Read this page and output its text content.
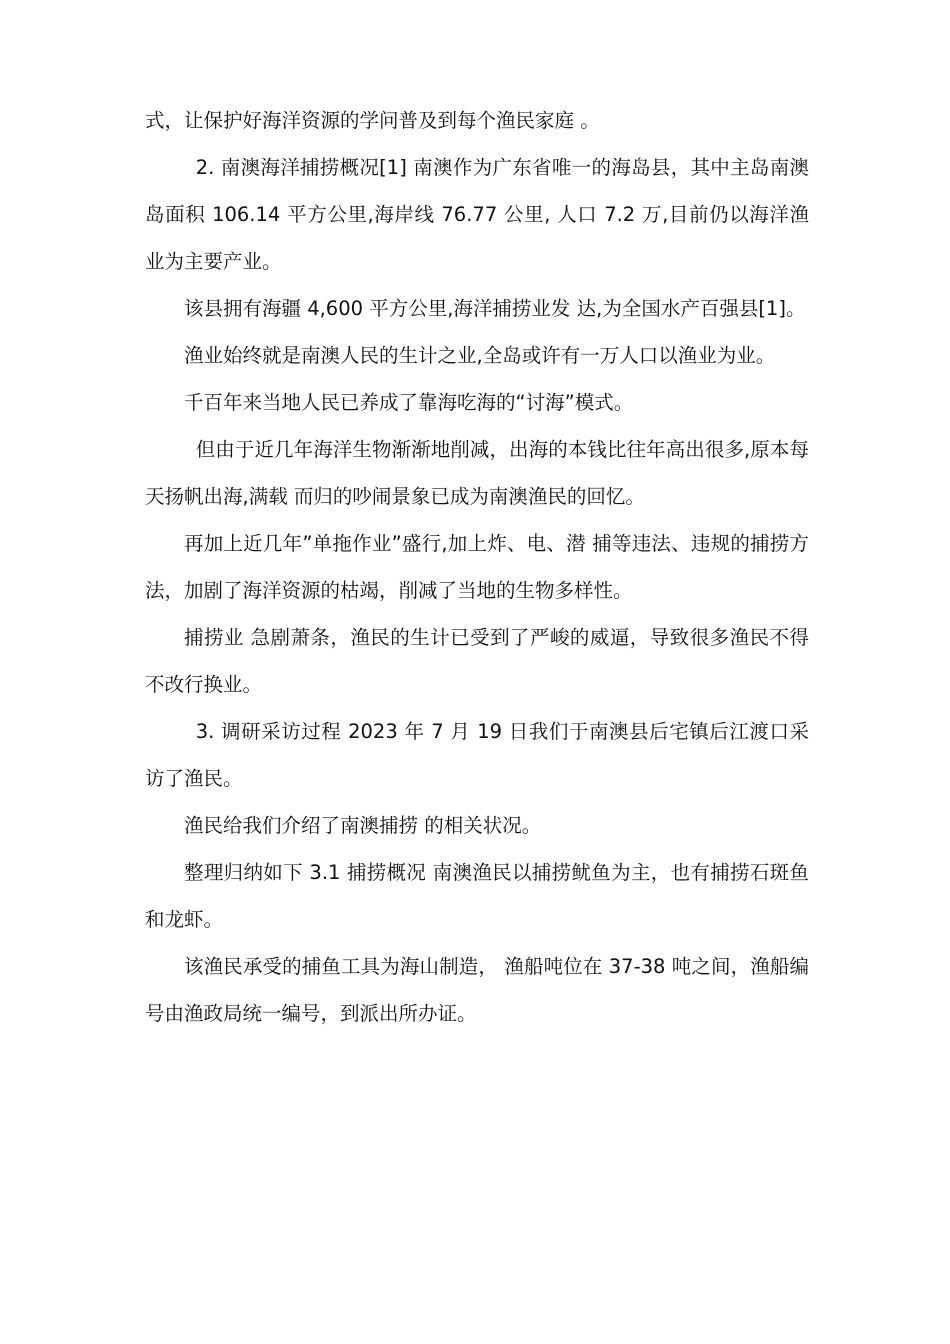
式，让保护好海洋资源的学问普及到每个渔民家庭 。

2. 南澳海洋捕捞概况[1] 南澳作为广东省唯一的海岛县，其中主岛南澳岛面积 106.14 平方公里,海岸线 76.77 公里, 人口 7.2 万,目前仍以海洋渔业为主要产业。

该县拥有海疆 4,600 平方公里,海洋捕捞业发 达,为全国水产百强县[1]。

渔业始终就是南澳人民的生计之业,全岛或许有一万人口以渔业为业。

千百年来当地人民已养成了靠海吃海的“讨海”模式。

但由于近几年海洋生物渐渐地削减，出海的本钱比往年高出很多,原本每天扬帆出海,满载 而归的吵闹景象已成为南澳渔民的回忆。

再加上近几年”单拖作业”盛行,加上炸、电、潜 捕等违法、违规的捕捞方法，加剧了海洋资源的枯竭，削减了当地的生物多样性。

捕捞业 急剧萧条，渔民的生计已受到了严峻的威逼，导致很多渔民不得不改行换业。

3. 调研采访过程 2023 年 7 月 19 日我们于南澳县后宅镇后江渡口采访了渔民。

渔民给我们介绍了南澳捕捞 的相关状况。

整理归纳如下 3.1 捕捞概况 南澳渔民以捕捞鱿鱼为主，也有捕捞石斑鱼和龙虾。

该渔民承受的捕鱼工具为海山制造， 渔船吨位在 37-38 吨之间，渔船编号由渔政局统一编号，到派出所办证。
